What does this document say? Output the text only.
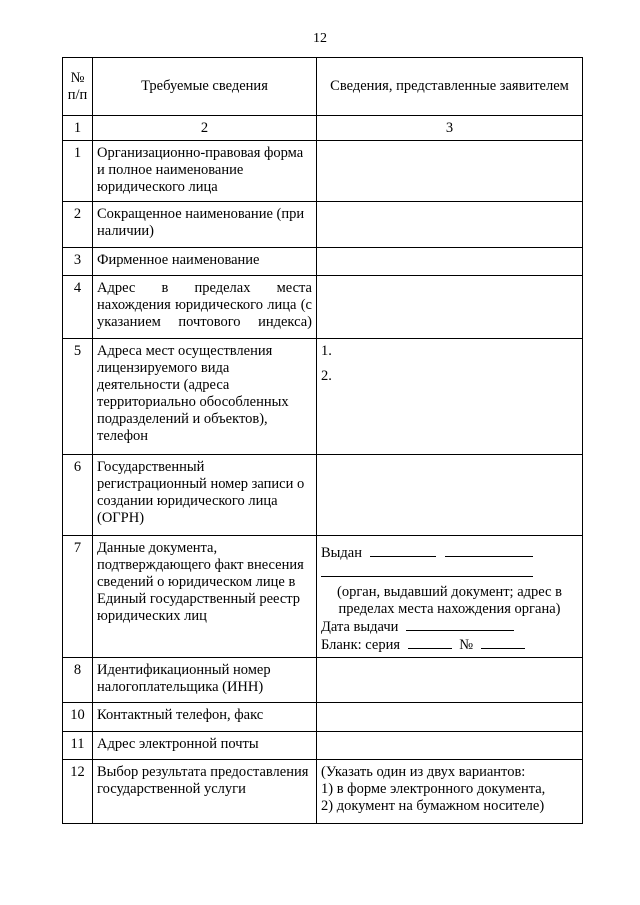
12
№ п/п	Требуемые сведения	Сведения, представленные заявителем
1	2	3
1	Организационно-правовая форма и полное наименование юридического лица	
2	Сокращенное наименование (при наличии)	
3	Фирменное наименование	
4	Адрес в пределах места нахождения юридического лица (с указанием почтового индекса)	
5	Адреса мест осуществления лицензируемого вида деятельности (адреса территориально обособленных подразделений и объектов), телефон	1.
2.

6	Государственный регистрационный номер записи о создании юридического лица (ОГРН)	
7	Данные документа, подтверждающего факт внесения сведений о юридическом лице в Единый государственный реестр юридических лиц	Выдан
(орган, выдавший документ; адрес в пределах места нахождения органа)
Дата выдачи
Бланк: серия №

8	Идентификационный номер налогоплательщика (ИНН)	
10	Контактный телефон, факс	
11	Адрес электронной почты	
12	Выбор результата предоставления государственной услуги	(Указать один из двух вариантов:
1) в форме электронного документа,
2) документ на бумажном носителе)
